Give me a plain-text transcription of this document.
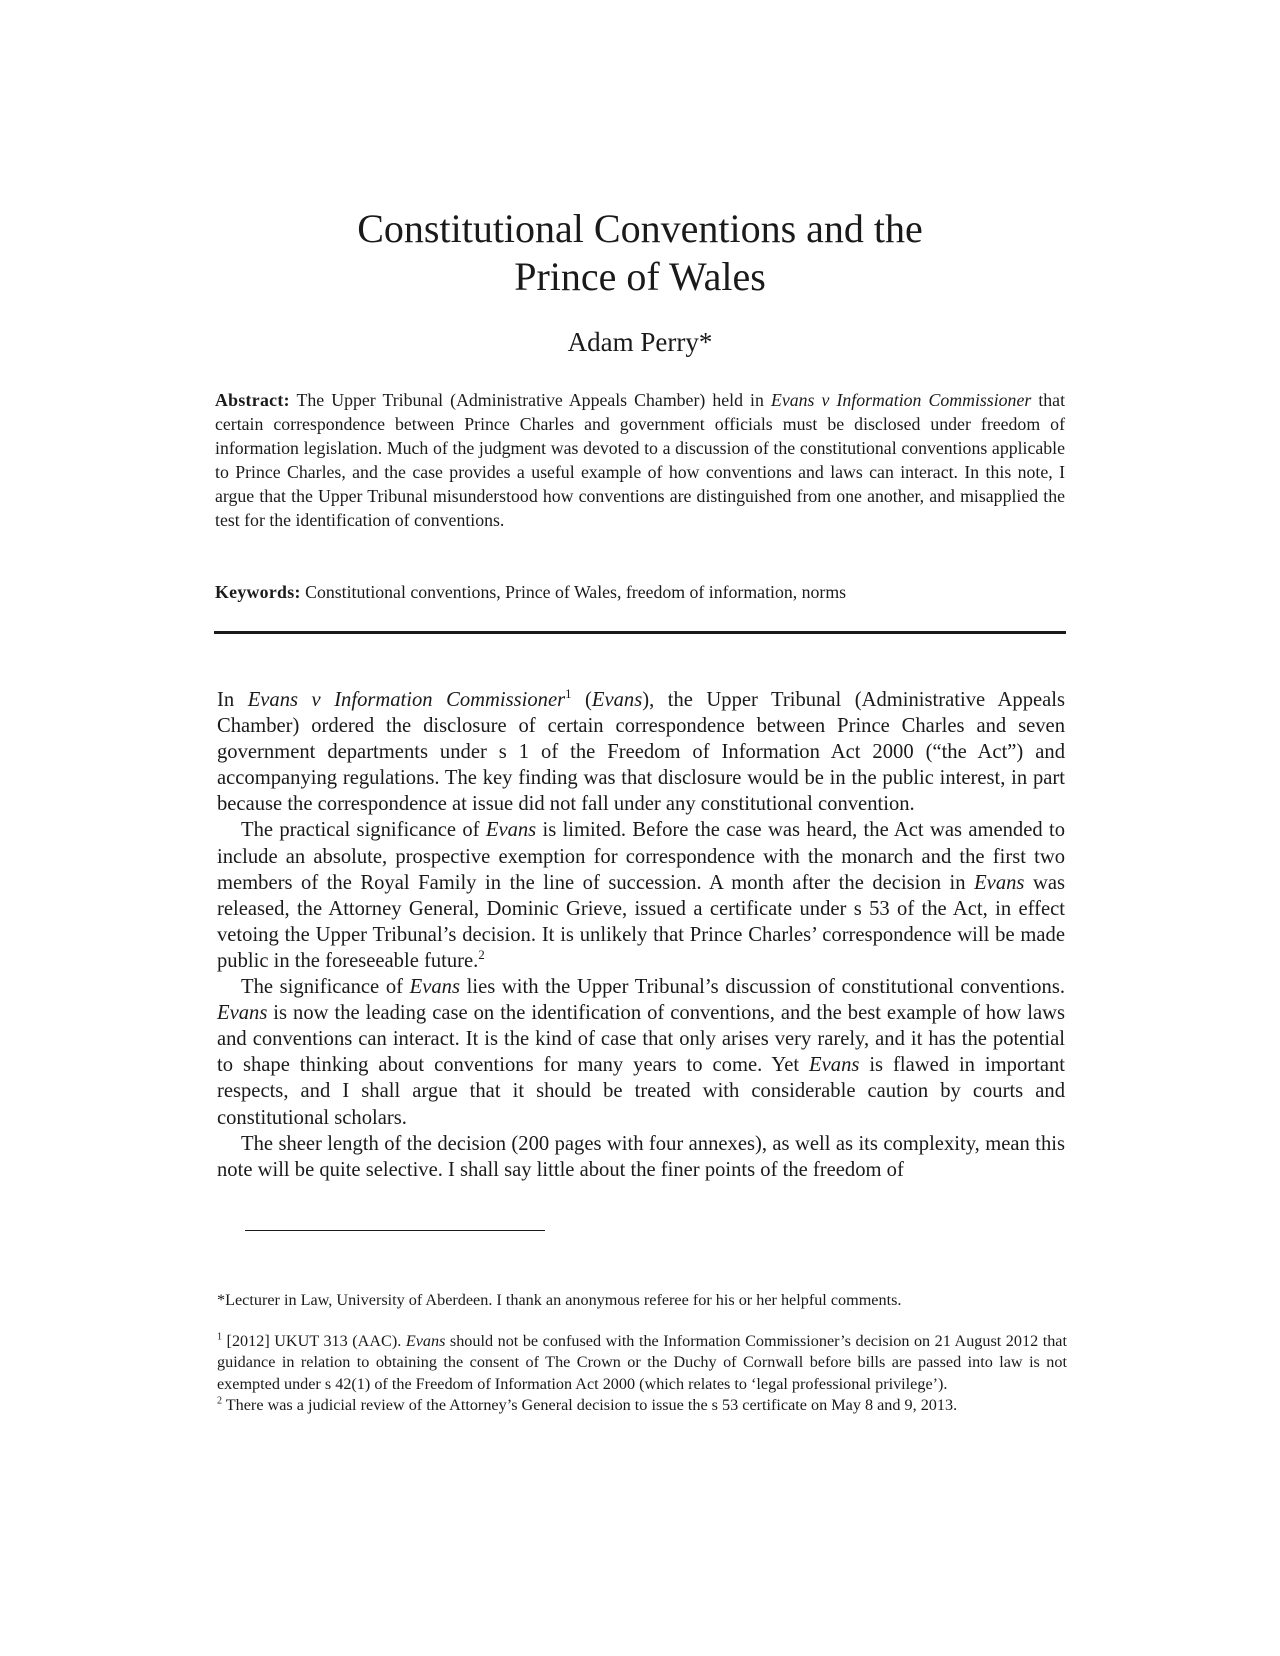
Constitutional Conventions and the
Prince of Wales

Adam Perry*

Abstract: The Upper Tribunal (Administrative Appeals Chamber) held in Evans v Information Commissioner that certain correspondence between Prince Charles and government officials must be disclosed under freedom of information legislation. Much of the judgment was devoted to a discussion of the constitutional conventions applicable to Prince Charles, and the case provides a useful example of how conventions and laws can interact. In this note, I argue that the Upper Tribunal misunderstood how conventions are distinguished from one another, and misapplied the test for the identification of conventions.

Keywords: Constitutional conventions, Prince of Wales, freedom of information, norms

In Evans v Information Commissioner$^1$ (Evans), the Upper Tribunal (Administrative Appeals Chamber) ordered the disclosure of certain correspondence between Prince Charles and seven government departments under s 1 of the Freedom of Information Act 2000 (“the Act”) and accompanying regulations. The key finding was that disclosure would be in the public interest, in part because the correspondence at issue did not fall under any constitutional convention.

The practical significance of Evans is limited. Before the case was heard, the Act was amended to include an absolute, prospective exemption for correspondence with the monarch and the first two members of the Royal Family in the line of succession. A month after the decision in Evans was released, the Attorney General, Dominic Grieve, issued a certificate under s 53 of the Act, in effect vetoing the Upper Tribunal’s decision. It is unlikely that Prince Charles’ correspondence will be made public in the foreseeable future.$^2$

The significance of Evans lies with the Upper Tribunal’s discussion of constitutional conventions. Evans is now the leading case on the identification of conventions, and the best example of how laws and conventions can interact. It is the kind of case that only arises very rarely, and it has the potential to shape thinking about conventions for many years to come. Yet Evans is flawed in important respects, and I shall argue that it should be treated with considerable caution by courts and constitutional scholars.

The sheer length of the decision (200 pages with four annexes), as well as its complexity, mean this note will be quite selective. I shall say little about the finer points of the freedom of

*Lecturer in Law, University of Aberdeen. I thank an anonymous referee for his or her helpful comments.

$^1$ [2012] UKUT 313 (AAC). Evans should not be confused with the Information Commissioner’s decision on 21 August 2012 that guidance in relation to obtaining the consent of The Crown or the Duchy of Cornwall before bills are passed into law is not exempted under s 42(1) of the Freedom of Information Act 2000 (which relates to ‘legal professional privilege’).

$^2$ There was a judicial review of the Attorney’s General decision to issue the s 53 certificate on May 8 and 9, 2013.
